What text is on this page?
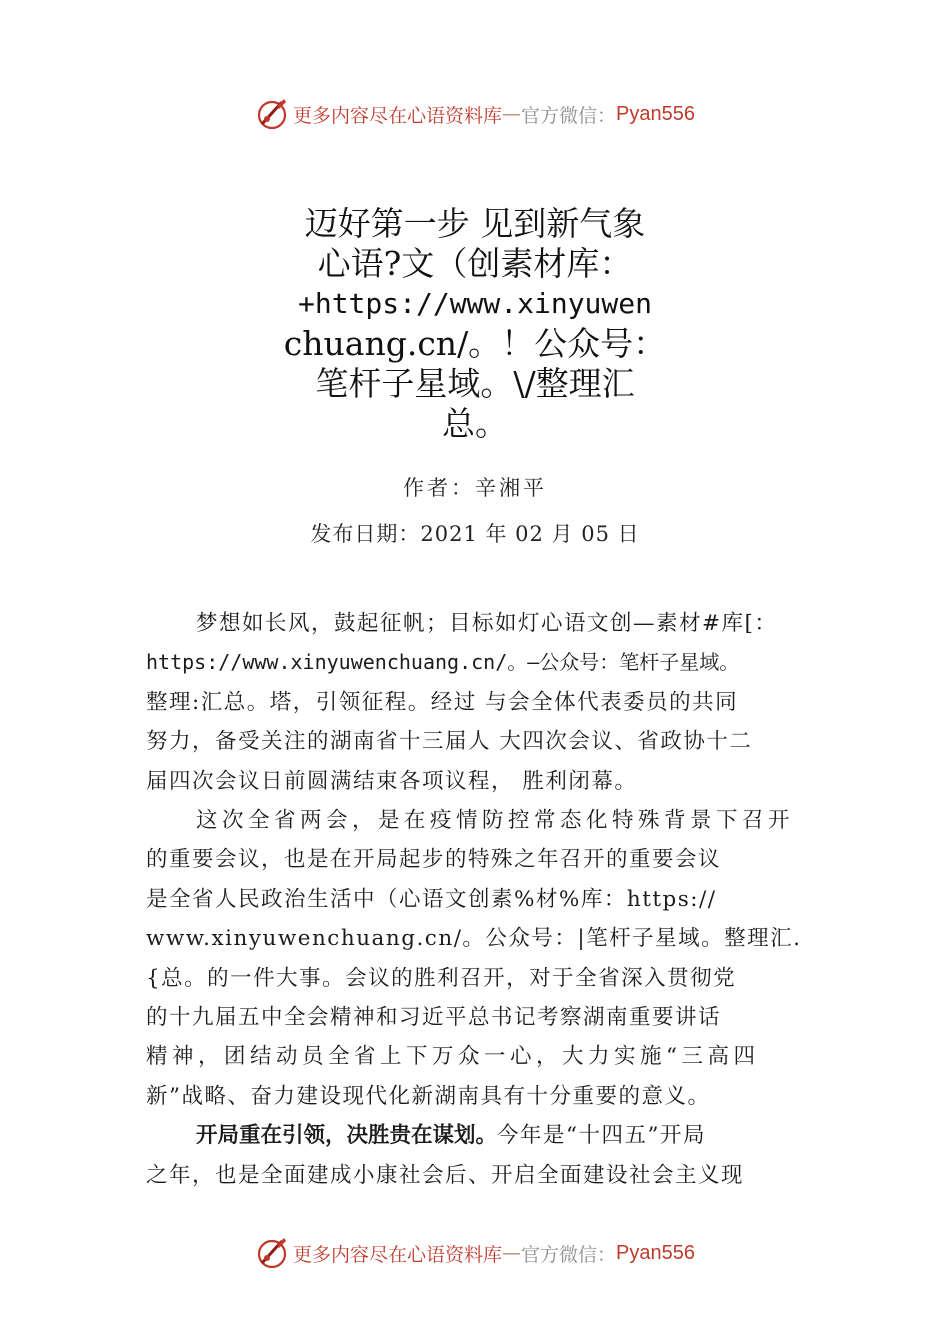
更多内容尽在心语资料库 — 官方微信： Pyan556
迈好第一步 见到新气象
心语?文（创素材库：
+https://www.xinyuwen
chuang.cn/。！公众号：
笔杆子星域。\/整理汇
总。
作者：辛湘平
发布日期：2021 年 02 月 05 日
梦想如长风，鼓起征帆；目标如灯心语文创—素材#库[：
https://www.xinyuwenchuang.cn/。—公众号：笔杆子星域。
整理:汇总。塔，引领征程。经过 与会全体代表委员的共同
努力，备受关注的湖南省十三届人 大四次会议、省政协十二
届四次会议日前圆满结束各项议程， 胜利闭幕。
这次全省两会，是在疫情防控常态化特殊背景下召开
的重要会议，也是在开局起步的特殊之年召开的重要会议
是全省人民政治生活中（心语文创素%材%库：https://
www.xinyuwenchuang.cn/。公众号：|笔杆子星域。整理汇.
{总。的一件大事。会议的胜利召开，对于全省深入贯彻党
的十九届五中全会精神和习近平总书记考察湖南重要讲话
精神，团结动员全省上下万众一心，大力实施“三高四
新”战略、奋力建设现代化新湖南具有十分重要的意义。
开局重在引领，决胜贵在谋划。今年是“十四五”开局
之年，也是全面建成小康社会后、开启全面建设社会主义现
更多内容尽在心语资料库 — 官方微信： Pyan556
